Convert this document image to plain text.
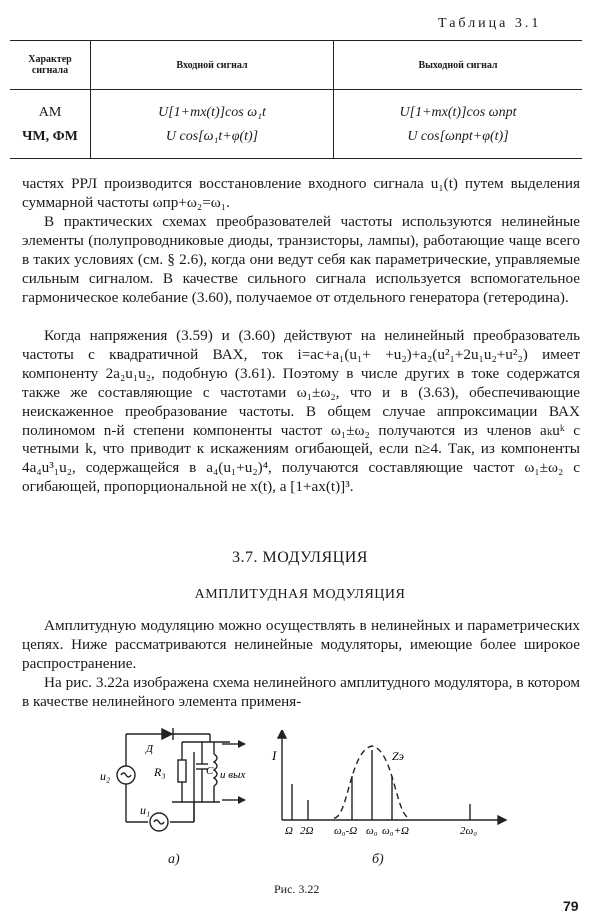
Таблица 3.1
Характер сигнала	Входной сигнал	Выходной сигнал
АМ	U[1+mx(t)]cos ω₁t	U[1+mx(t)]cos ωпрt
ЧМ, ФМ	U cos[ω₁t+φ(t)]	U cos[ωпрt+φ(t)]
частях РРЛ производится восстановление входного сигнала u₁(t) путем выделения суммарной частоты ωпр+ω₂=ω₁.
В практических схемах преобразователей частоты используются нелинейные элементы (полупроводниковые диоды, транзисторы, лампы), работающие чаще всего в таких условиях (см. § 2.6), когда они ведут себя как параметрические, управляемые сильным сигналом. В качестве сильного сигнала используется вспомогательное гармоническое колебание (3.60), получаемое от отдельного генератора (гетеродина).
Когда напряжения (3.59) и (3.60) действуют на нелинейный преобразователь частоты с квадратичной ВАХ, ток i=aс+a₁(u₁+ +u₂)+a₂(u²₁+2u₁u₂+u²₂) имеет компоненту 2a₂u₁u₂, подобную (3.61). Поэтому в числе других в токе содержатся также же составляющие с частотами ω₁±ω₂, что и в (3.63), обеспечивающие неискаженное преобразование частоты. В общем случае аппроксимации ВАХ полиномом n-й степени компоненты частот ω₁±ω₂ получаются из членов aₖuᵏ с четными k, что приводит к искажениям огибающей, если n≥4. Так, из компоненты 4a₄u³₁u₂, содержащейся в a₄(u₁+u₂)⁴, получаются составляющие частот ω₁±ω₂ с огибающей, пропорциональной не x(t), а [1+ax(t)]³.
3.7. МОДУЛЯЦИЯ
АМПЛИТУДНАЯ МОДУЛЯЦИЯ
Амплитудную модуляцию можно осуществлять в нелинейных и параметрических цепях. Ниже рассматриваются нелинейные модуляторы, имеющие более широкое распространение.
На рис. 3.22а изображена схема нелинейного амплитудного модулятора, в котором в качестве нелинейного элемента применя-
Д
u₂	R₃	C u вых
u₁
I	Zэ
Ω 2Ω ω₀-Ω ω₀ ω₀+Ω	2ω₀
а)	б)
Рис. 3.22
79
